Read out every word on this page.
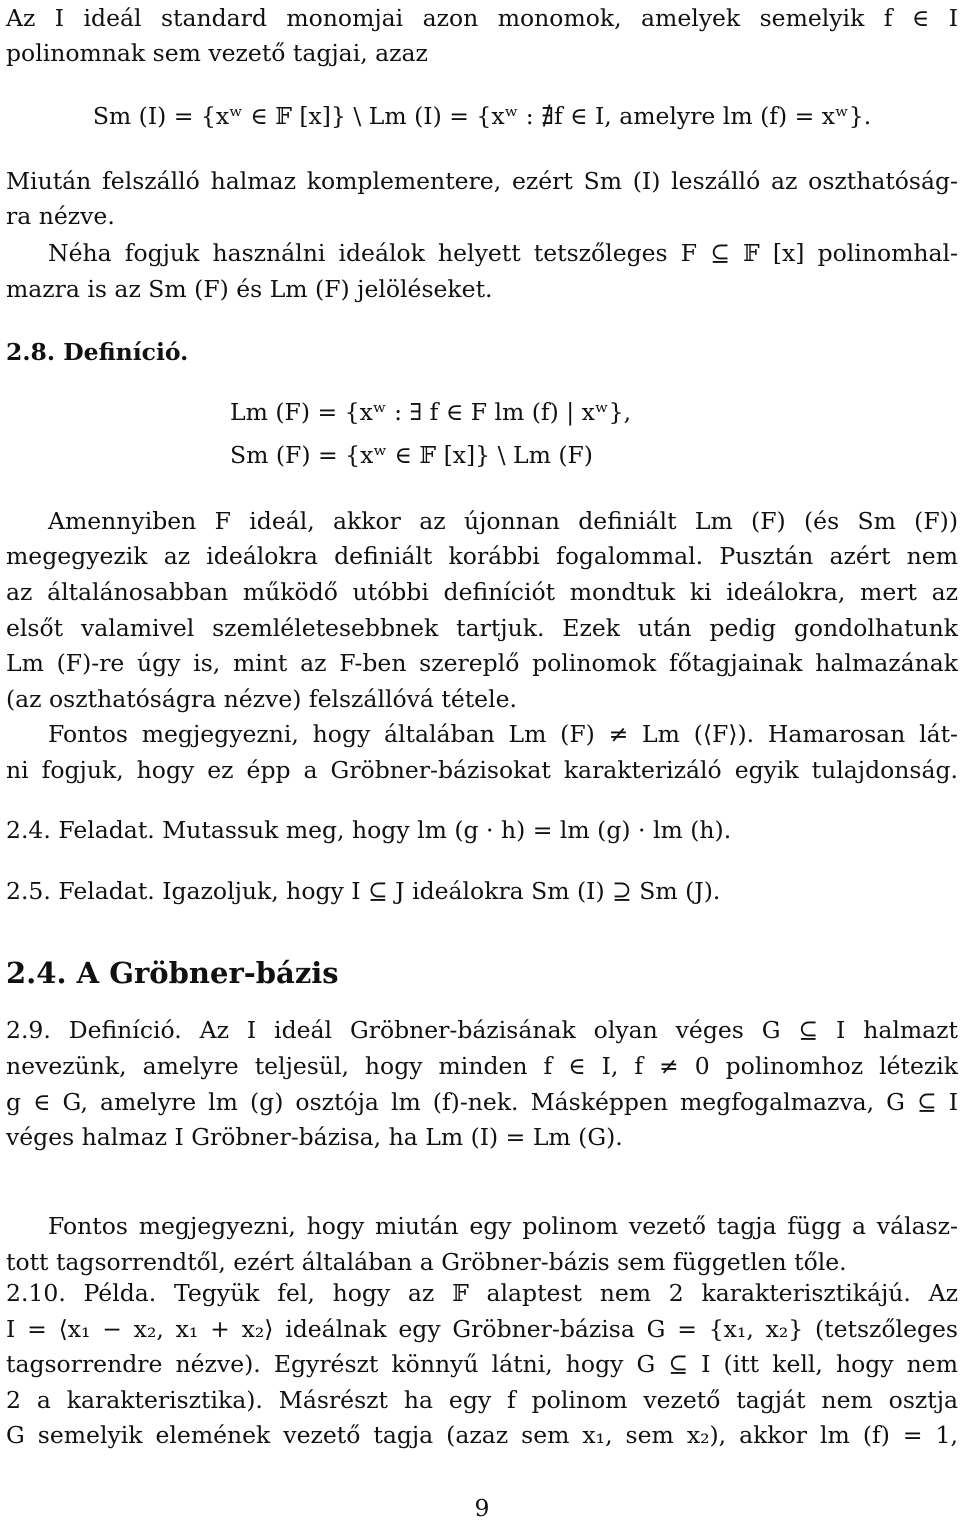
Az I ideál standard monomjai azon monomok, amelyek semelyik f ∈ I
polinomnak sem vezető tagjai, azaz
Sm (I) = {xʷ ∈ 𝔽 [x]} \ Lm (I) = {xʷ : ∄f ∈ I, amelyre lm (f) = xʷ}.
Miután felszálló halmaz komplementere, ezért Sm (I) leszálló az oszthatóság-
ra nézve.
Néha fogjuk használni ideálok helyett tetszőleges F ⊆ 𝔽 [x] polinomhal-
mazra is az Sm (F) és Lm (F) jelöléseket.
2.8. Definíció.
Lm (F) = {xʷ : ∃ f ∈ F lm (f) | xʷ},
Sm (F) = {xʷ ∈ 𝔽 [x]} \ Lm (F)
Amennyiben F ideál, akkor az újonnan definiált Lm (F) (és Sm (F))
megegyezik az ideálokra definiált korábbi fogalommal. Pusztán azért nem
az általánosabban működő utóbbi definíciót mondtuk ki ideálokra, mert az
elsőt valamivel szemléletesebbnek tartjuk. Ezek után pedig gondolhatunk
Lm (F)-re úgy is, mint az F-ben szereplő polinomok főtagjainak halmazának
(az oszthatóságra nézve) felszállóvá tétele.
Fontos megjegyezni, hogy általában Lm (F) ≠ Lm (⟨F⟩). Hamarosan lát-
ni fogjuk, hogy ez épp a Gröbner-bázisokat karakterizáló egyik tulajdonság.
2.4. Feladat. Mutassuk meg, hogy lm (g · h) = lm (g) · lm (h).
2.5. Feladat. Igazoljuk, hogy I ⊆ J ideálokra Sm (I) ⊇ Sm (J).
2.4. A Gröbner-bázis
2.9. Definíció. Az I ideál Gröbner-bázisának olyan véges G ⊆ I halmazt
nevezünk, amelyre teljesül, hogy minden f ∈ I, f ≠ 0 polinomhoz létezik
g ∈ G, amelyre lm (g) osztója lm (f)-nek. Másképpen megfogalmazva, G ⊆ I
véges halmaz I Gröbner-bázisa, ha Lm (I) = Lm (G).
Fontos megjegyezni, hogy miután egy polinom vezető tagja függ a válasz-
tott tagsorrendtől, ezért általában a Gröbner-bázis sem független tőle.
2.10. Példa. Tegyük fel, hogy az 𝔽 alaptest nem 2 karakterisztikájú. Az
I = ⟨x₁ − x₂, x₁ + x₂⟩ ideálnak egy Gröbner-bázisa G = {x₁, x₂} (tetszőleges
tagsorrendre nézve). Egyrészt könnyű látni, hogy G ⊆ I (itt kell, hogy nem
2 a karakterisztika). Másrészt ha egy f polinom vezető tagját nem osztja
G semelyik elemének vezető tagja (azaz sem x₁, sem x₂), akkor lm (f) = 1,
9
